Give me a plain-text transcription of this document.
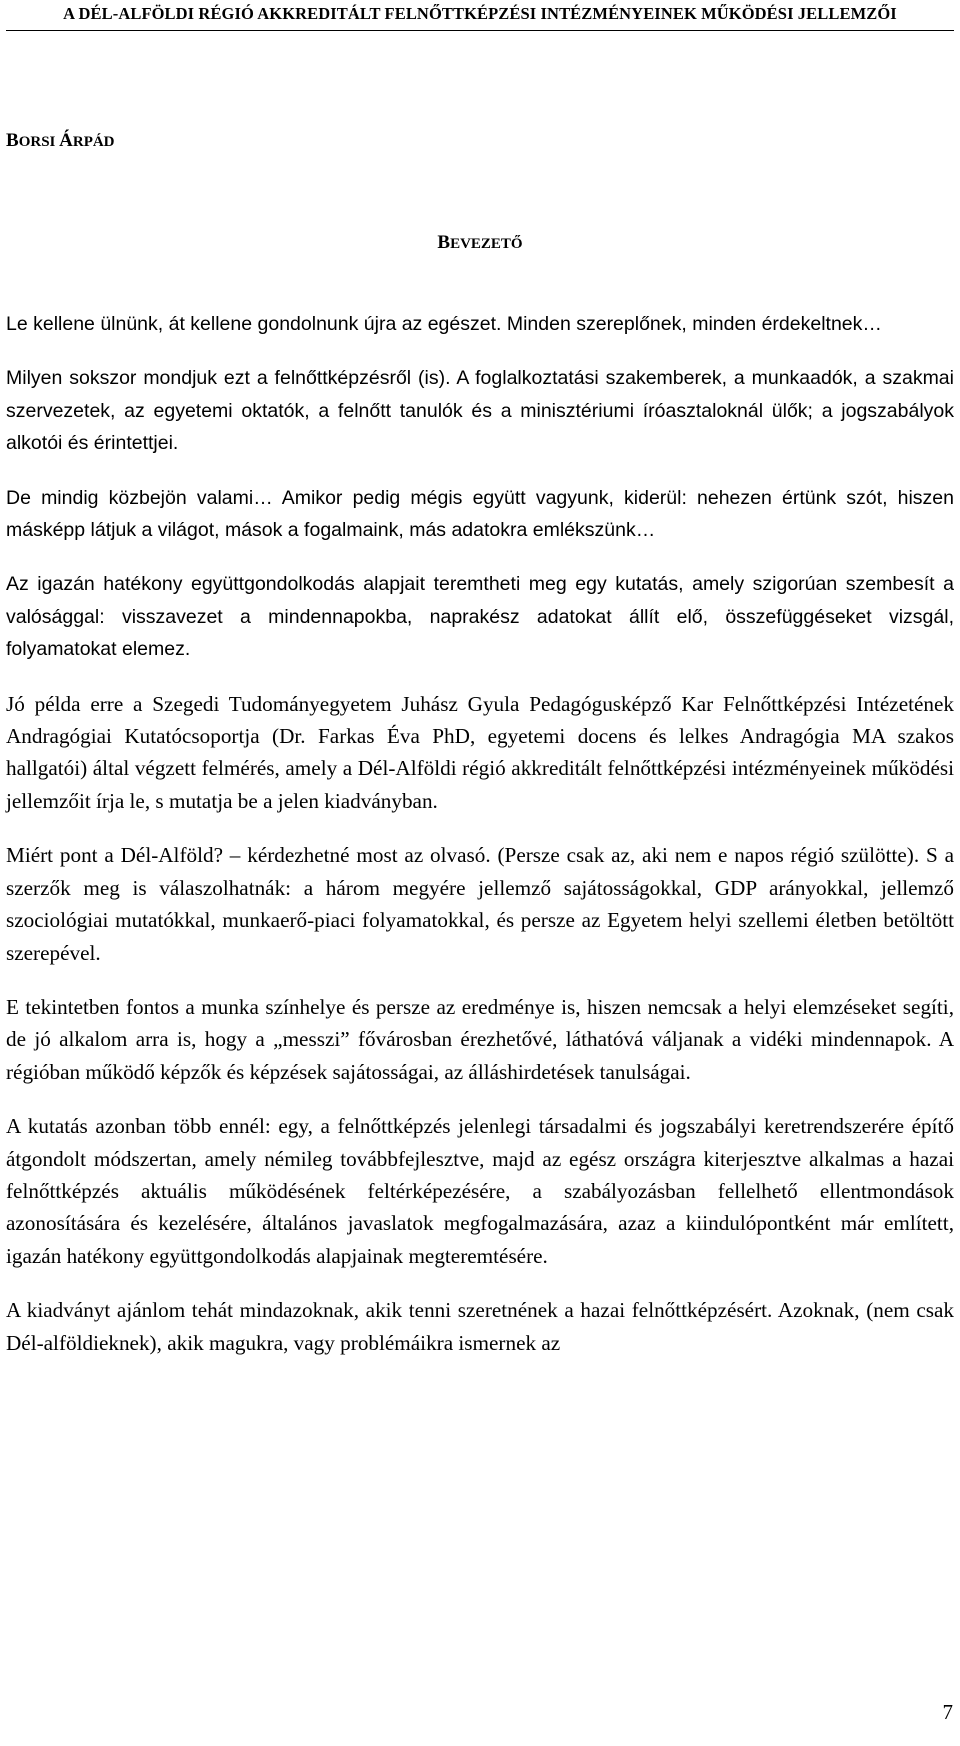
A DÉL-ALFÖLDI RÉGIÓ AKKREDITÁLT FELNŐTTKÉPZÉSI INTÉZMÉNYEINEK MŰKÖDÉSI JELLEMZŐI
BORSI ÁRPÁD
BEVEZETŐ

Le kellene ülnünk, át kellene gondolnunk újra az egészet. Minden szereplőnek, minden érdekeltnek…

Milyen sokszor mondjuk ezt a felnőttképzésről (is). A foglalkoztatási szakemberek, a munkaadók, a szakmai szervezetek, az egyetemi oktatók, a felnőtt tanulók és a minisztériumi íróasztaloknál ülők; a jogszabályok alkotói és érintettjei.

De mindig közbejön valami… Amikor pedig mégis együtt vagyunk, kiderül: nehezen értünk szót, hiszen másképp látjuk a világot, mások a fogalmaink, más adatokra emlékszünk…

Az igazán hatékony együttgondolkodás alapjait teremtheti meg egy kutatás, amely szigorúan szembesít a valósággal: visszavezet a mindennapokba, naprakész adatokat állít elő, összefüggéseket vizsgál, folyamatokat elemez.

Jó példa erre a Szegedi Tudományegyetem Juhász Gyula Pedagógusképző Kar Felnőttképzési Intézetének Andragógiai Kutatócsoportja (Dr. Farkas Éva PhD, egyetemi docens és lelkes Andragógia MA szakos hallgatói) által végzett felmérés, amely a Dél-Alföldi régió akkreditált felnőttképzési intézményeinek működési jellemzőit írja le, s mutatja be a jelen kiadványban.

Miért pont a Dél-Alföld? – kérdezhetné most az olvasó. (Persze csak az, aki nem e napos régió szülötte). S a szerzők meg is válaszolhatnák: a három megyére jellemző sajátosságokkal, GDP arányokkal, jellemző szociológiai mutatókkal, munkaerő-piaci folyamatokkal, és persze az Egyetem helyi szellemi életben betöltött szerepével.

E tekintetben fontos a munka színhelye és persze az eredménye is, hiszen nemcsak a helyi elemzéseket segíti, de jó alkalom arra is, hogy a „messzi” fővárosban érezhetővé, láthatóvá váljanak a vidéki mindennapok. A régióban működő képzők és képzések sajátosságai, az álláshirdetések tanulságai.

A kutatás azonban több ennél: egy, a felnőttképzés jelenlegi társadalmi és jogszabályi keretrendszerére építő átgondolt módszertan, amely némileg továbbfejlesztve, majd az egész országra kiterjesztve alkalmas a hazai felnőttképzés aktuális működésének feltérképezésére, a szabályozásban fellelhető ellentmondások azonosítására és kezelésére, általános javaslatok megfogalmazására, azaz a kiindulópontként már említett, igazán hatékony együttgondolkodás alapjainak megteremtésére.

A kiadványt ajánlom tehát mindazoknak, akik tenni szeretnének a hazai felnőttképzésért. Azoknak, (nem csak Dél-alföldieknek), akik magukra, vagy problémáikra ismernek az

7
